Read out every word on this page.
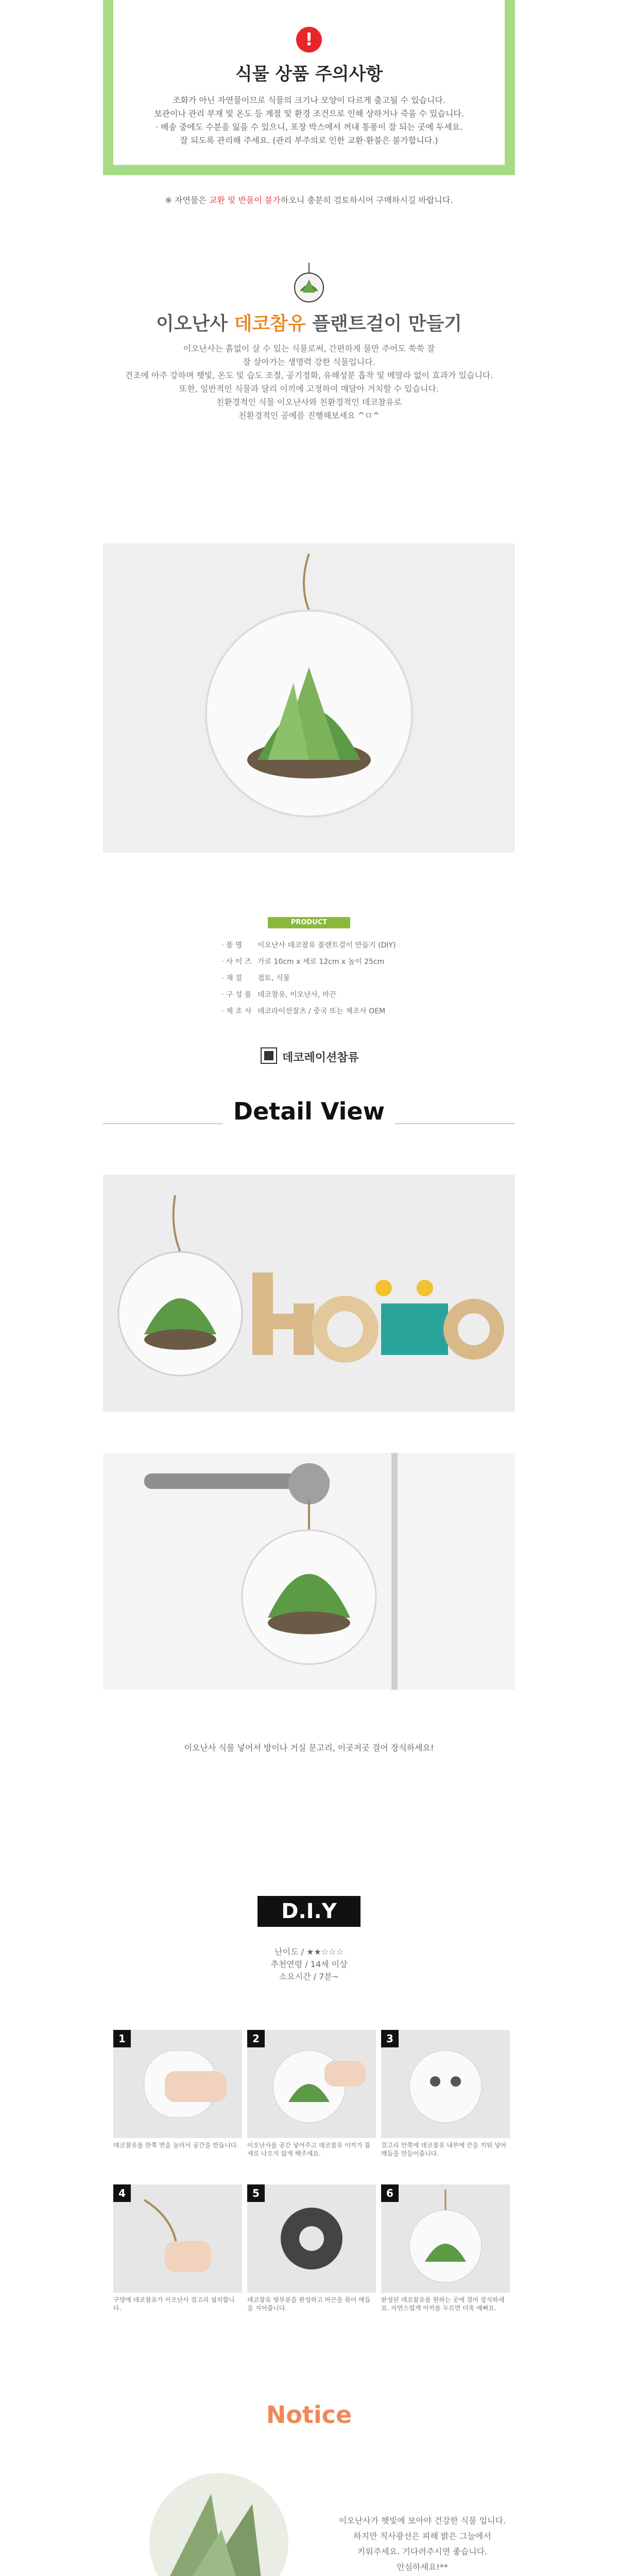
!
식물 상품 주의사항
조화가 아닌 자연물이므로 식물의 크기나 모양이 다르게 출고될 수 있습니다.
보관이나 관리 부재 및 온도 등 계절 및 환경 조건으로 인해 상하거나 죽을 수 있습니다.
· 배송 중에도 수분을 잃을 수 있으니, 포장 박스에서 꺼내 통풍이 잘 되는 곳에 두세요.
잘 되도록 관리해 주세요. (관리 부주의로 인한 교환·환불은 불가합니다.)
※ 자연물은 교환 및 반품이 불가하오니 충분히 검토하시어 구매하시길 바랍니다.
이오난사 데코참유 플랜트걸이 만들기
이오난사는 흙없이 살 수 있는 식물로써, 간편하게 물만 주어도 쑥쑥 잘
잘 살아가는 생명력 강한 식물입니다.
건조에 아주 강하며 햇빛, 온도 및 습도 조절, 공기정화, 유해성분 흡착 및 메말라 없이 효과가 있습니다.
또한, 일반적인 식물과 달리 이끼에 고정하여 매달아 거치할 수 있습니다.
친환경적인 식물 이오난사와 친환경적인 데코참유로
친환경적인 공예를 진행해보세요 ^ㅁ^
PRODUCT INFORMATION
· 품 명 이오난사 데코참유 플랜트걸이 만들기 (DIY)
· 사 이 즈 가로 10cm x 세로 12cm x 높이 25cm
· 재 질 점토, 식물
· 구 성 품 데코참유, 이오난사, 마끈
· 제 조 사 데코라이선잘츠 / 중국 또는 제조사 OEM
데코레이션참류
Detail View
이오난사 식물 넣어서 방이나 거실 문고리, 이곳저곳 걸어 장식하세요!
D.I.Y
난이도 / ★★☆☆☆
추천연령 / 14세 이상
소요시간 / 7분~
1
데코참유를 한쪽 면을 눌러서 공간을 만듭니다.
2
이오난사를 공간 넣어주고 데코참유 이끼가 틈새로 나오지 않게 해주세요.
3
걸고리 안쪽에 데코참유 내부에 끈을 끼워 넣어 매듭을 만들어줍니다.
4
구멍에 데코참유가 이오난사 걸고리 설치합니다.
5
데코참유 윗부분을 완성하고 마끈을 묶어 매듭을 지어줍니다.
6
완성된 데코참유를 원하는 곳에 걸어 장식하세요. 자연스럽게 이끼를 두르면 더욱 예뻐요.
Notice
이오난사가 햇빛에 보아야 건강한 식물 입니다.
하지만 직사광선은 피해 밝은 그늘에서
키워주세요. 기다려주시면 좋습니다.
안심하세요!**
